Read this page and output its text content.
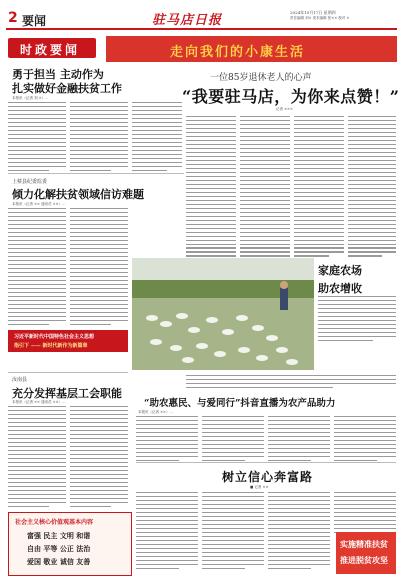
2 要闻	驻马店日报
2024年10月17日 星期四
责任编辑 刘× 美术编辑 张×× 校对 ×
时政要闻	走向我们的小康生活
勇于担当 主动作为
扎实做好金融扶贫工作
本报讯（记者 刘 ×）...
上蔡县纪委监委
倾力化解扶贫领域信访难题
本报讯（记者 ×× 通讯员 ××）...
习近平新时代中国特色社会主义思想
指引下 —— 新时代新作为新篇章
一位85岁退休老人的心声
“我要驻马店，为你来点赞！”
记者 ×××
家庭农场
助农增收
汝南县
充分发挥基层工会职能
本报讯（记者 ×× 通讯员 ××）...
社会主义核心价值观基本内容
富强 民主 文明 和谐
自由 平等 公正 法治
爱国 敬业 诚信 友善
“助农惠民、与爱同行”抖音直播为农产品助力
本报讯（记者 ××）...
树立信心奔富路
■ 记者 ××
实施精准扶贫
推进脱贫攻坚
